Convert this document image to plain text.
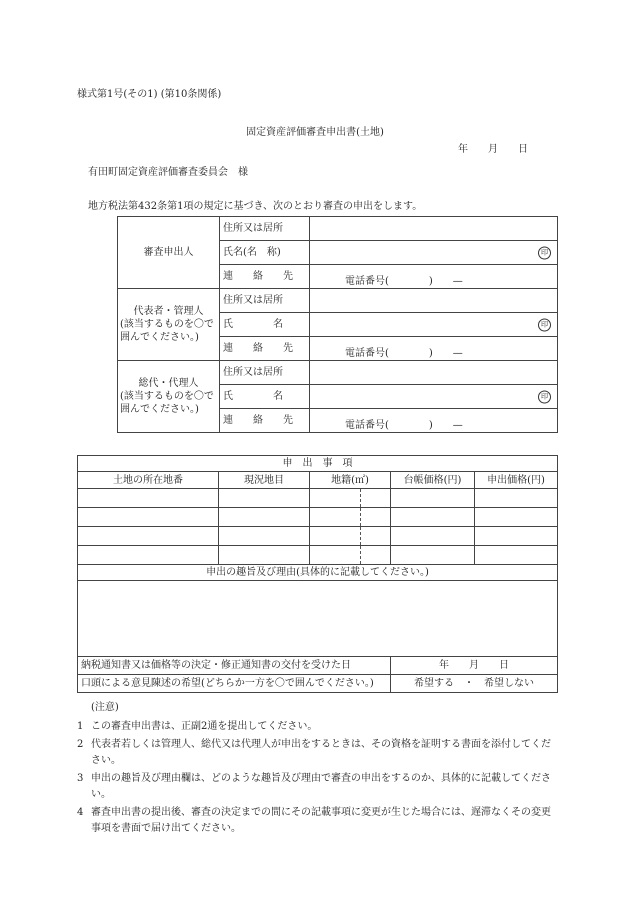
様式第1号(その1) (第10条関係)
固定資産評価審査申出書(土地)
年　　月　　日
有田町固定資産評価審査委員会　様
地方税法第432条第1項の規定に基づき、次のとおり審査の申出をします。
審査申出人	住所又は居所	
	氏名(名　称)	印

	連　　絡　　先	電話番号(　　　　)　　—

代表者・管理人
(該当するものを〇で囲んでください。)	住所又は居所	
	氏　　　　名	印

	連　　絡　　先	電話番号(　　　　)　　—

総代・代理人
(該当するものを〇で囲んでください。)	住所又は居所	
	氏　　　　名	印

	連　　絡　　先	電話番号(　　　　)　　—
申　出　事　項					
土地の所在地番	現況地目	地籍(㎡)		台帳価格(円)	申出価格(円)

申出の趣旨及び理由(具体的に記載してください。)					

納税通知書又は価格等の決定・修正通知書の交付を受けた日				年　　月　　日	
口頭による意見陳述の希望(どちらか一方を〇で囲んでください。)				希望する　・　希望しない	
(注意)
1 この審査申出書は、正副2通を提出してください。
2 代表者若しくは管理人、総代又は代理人が申出をするときは、その資格を証明する書面を添付してください。
3 申出の趣旨及び理由欄は、どのような趣旨及び理由で審査の申出をするのか、具体的に記載してください。
4 審査申出書の提出後、審査の決定までの間にその記載事項に変更が生じた場合には、遅滞なくその変更事項を書面で届け出てください。
